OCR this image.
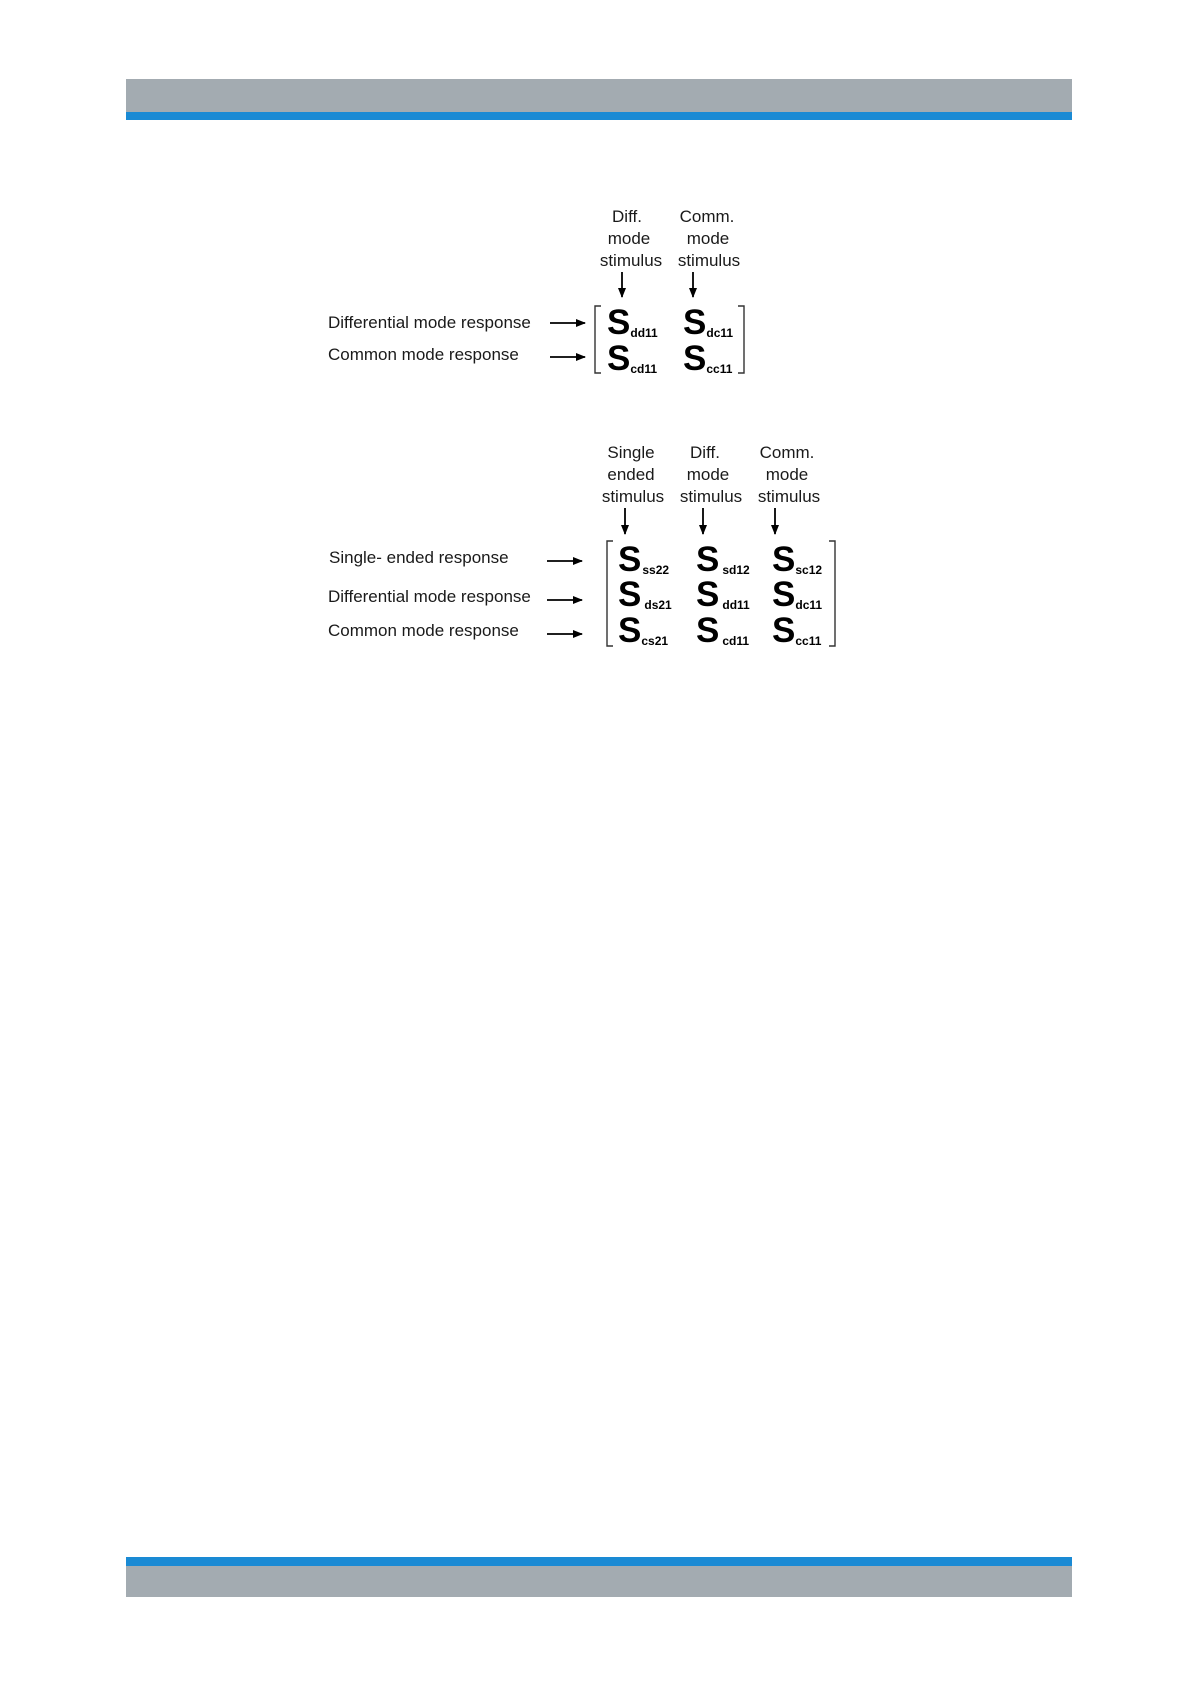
Diff.
mode
stimulus
Comm.
mode
stimulus
Differential mode response
Common mode response
Sdd11 Sdc11
Scd11 Scc11
Single
ended
stimulus
Diff.
mode
stimulus
Comm.
mode
stimulus
Single- ended response
Differential mode response
Common mode response
Sss22 Ssd12 Ssc12
Sds21 Sdd11 Sdc11
Scs21 Scd11 Scc11
